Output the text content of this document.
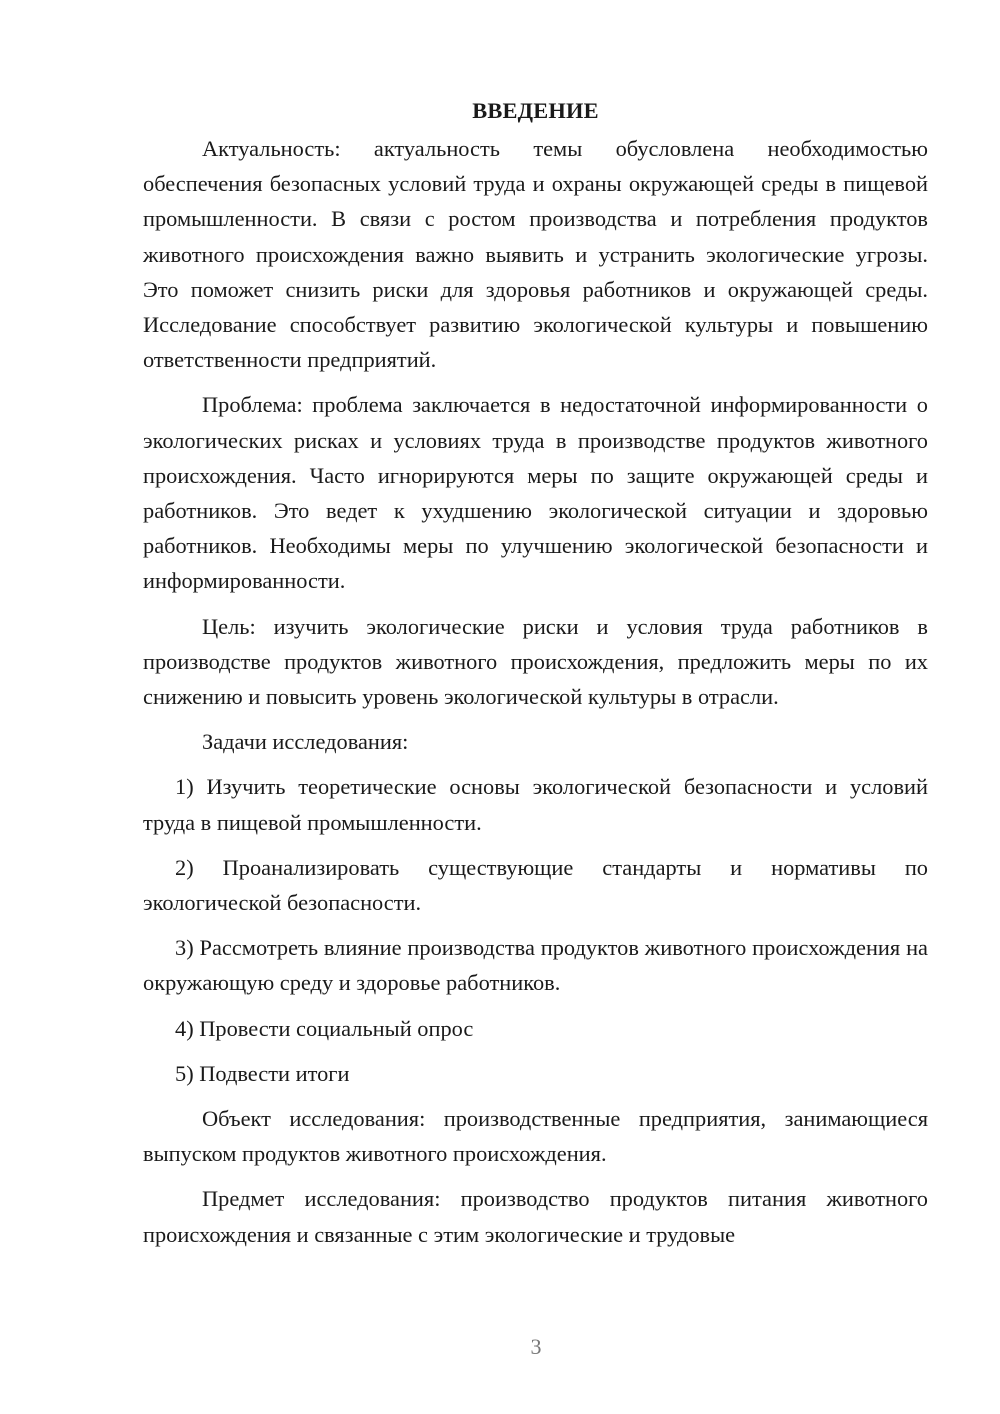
ВВЕДЕНИЕ

Актуальность: актуальность темы обусловлена необходимостью обеспечения безопасных условий труда и охраны окружающей среды в пищевой промышленности. В связи с ростом производства и потребления продуктов животного происхождения важно выявить и устранить экологические угрозы. Это поможет снизить риски для здоровья работников и окружающей среды. Исследование способствует развитию экологической культуры и повышению ответственности предприятий.

Проблема: проблема заключается в недостаточной информированности о экологических рисках и условиях труда в производстве продуктов животного происхождения. Часто игнорируются меры по защите окружающей среды и работников. Это ведет к ухудшению экологической ситуации и здоровью работников. Необходимы меры по улучшению экологической безопасности и информированности.

Цель: изучить экологические риски и условия труда работников в производстве продуктов животного происхождения, предложить меры по их снижению и повысить уровень экологической культуры в отрасли.

Задачи исследования:

1) Изучить теоретические основы экологической безопасности и условий труда в пищевой промышленности.

2) Проанализировать существующие стандарты и нормативы по экологической безопасности.

3) Рассмотреть влияние производства продуктов животного происхождения на окружающую среду и здоровье работников.

4) Провести социальный опрос

5) Подвести итоги

Объект исследования: производственные предприятия, занимающиеся выпуском продуктов животного происхождения.

Предмет исследования: производство продуктов питания животного происхождения и связанные с этим экологические и трудовые

3
